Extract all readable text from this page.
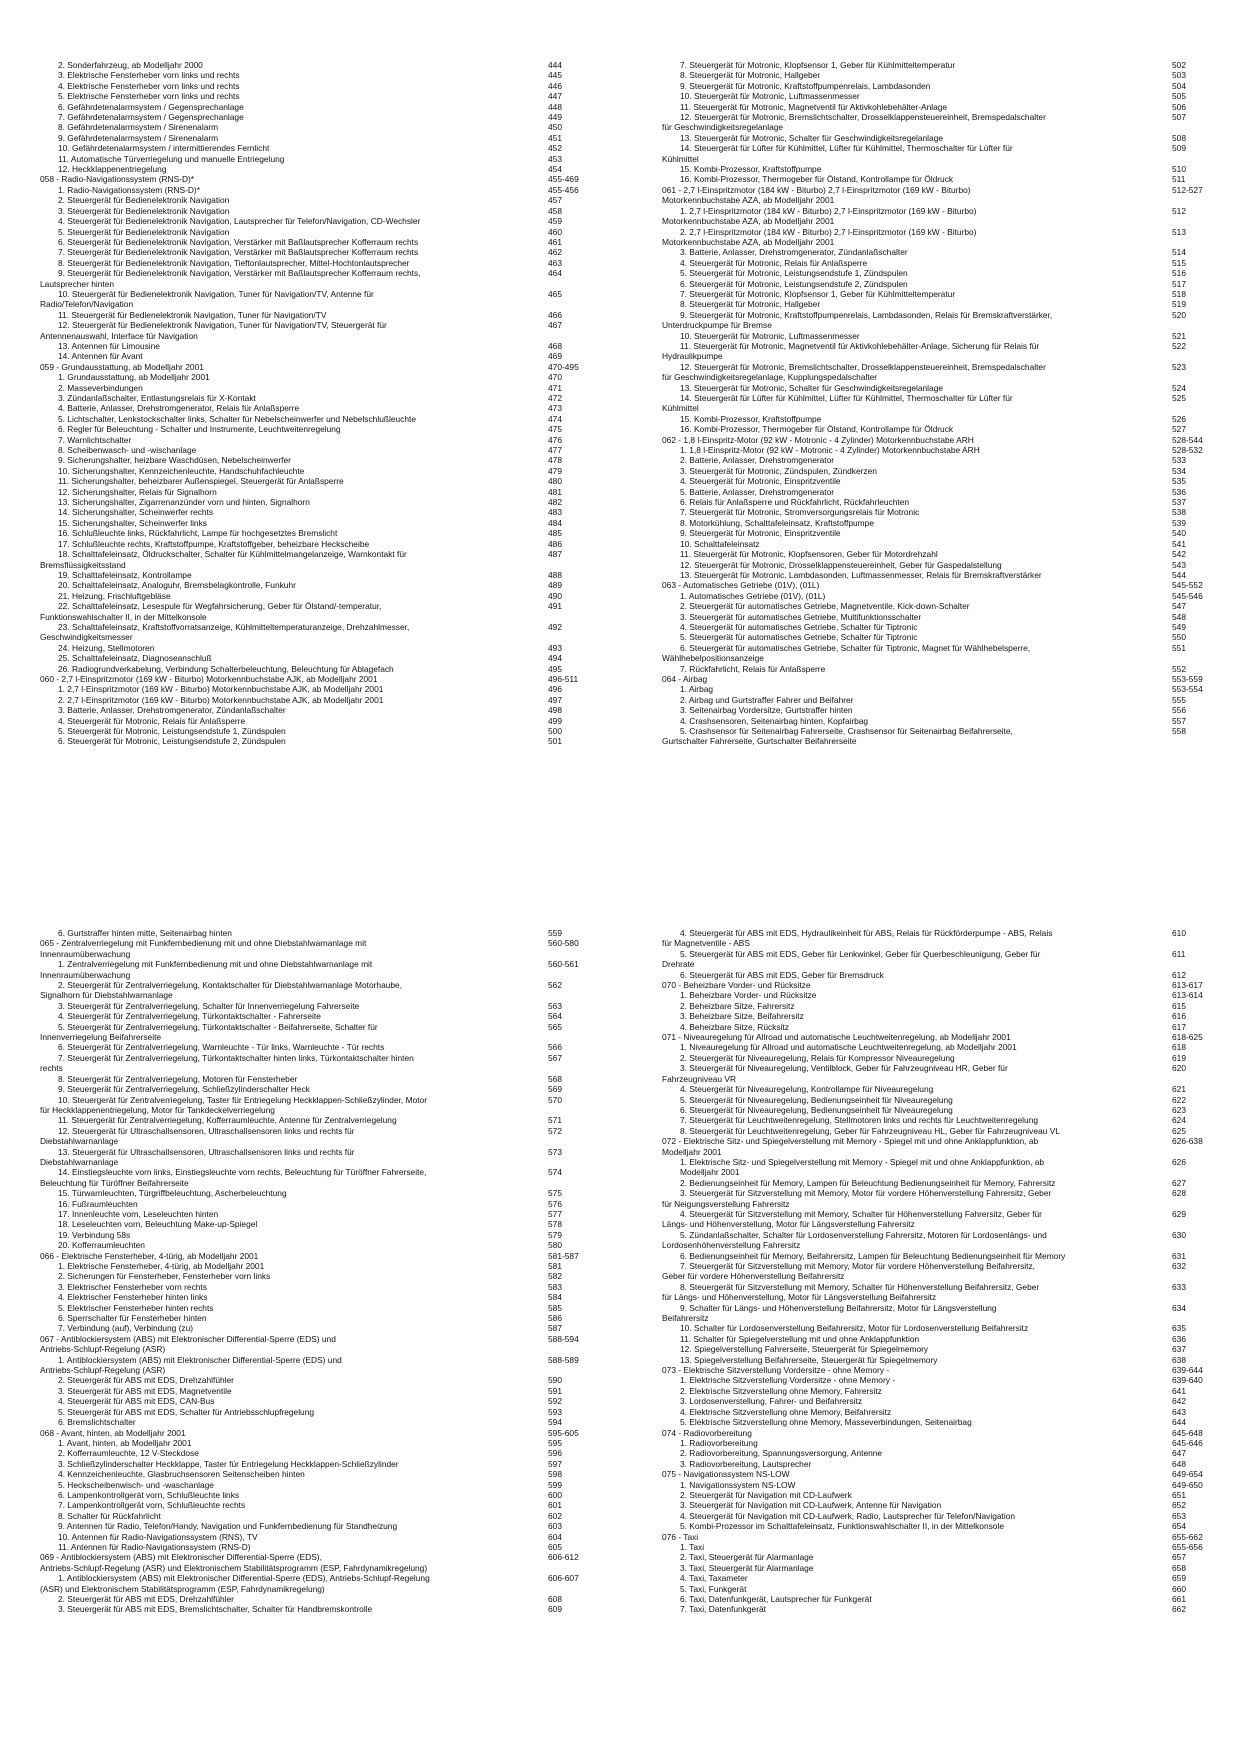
2. Sonderfahrzeug, ab Modelljahr 2000	444
3. Elektrische Fensterheber vorn links und rechts	445
4. Elektrische Fensterheber vorn links und rechts	446
5. Elektrische Fensterheber vorn links und rechts	447
6. Gefährdetenalarmsystem / Gegensprechanlage	448
7. Gefährdetenalarmsystem / Gegensprechanlage	449
8. Gefährdetenalarmsystem / Sirenenalarm	450
9. Gefährdetenalarmsystem / Sirenenalarm	451
10. Gefährdetenalarmsystem / intermittierendes Fernlicht	452
11. Automatische Türverriegelung und manuelle Entriegelung	453
12. Heckklappenentriegelung	454
058 - Radio-Navigationssystem (RNS-D)*	455-469
1. Radio-Navigationssystem (RNS-D)*	455-456
2. Steuergerät für Bedienelektronik Navigation	457
3. Steuergerät für Bedienelektronik Navigation	458
4. Steuergerät für Bedienelektronik Navigation, Lautsprecher für Telefon/Navigation, CD-Wechsler	459
5. Steuergerät für Bedienelektronik Navigation	460
6. Steuergerät für Bedienelektronik Navigation, Verstärker mit Baßlautsprecher Kofferraum rechts	461
7. Steuergerät für Bedienelektronik Navigation, Verstärker mit Baßlautsprecher Kofferraum rechts	462
8. Steuergerät für Bedienelektronik Navigation, Tieftonlautsprecher, Mittel-Hochtonlautsprecher	463
9. Steuergerät für Bedienelektronik Navigation, Verstärker mit Baßlautsprecher Kofferraum rechts,	464
Lautsprecher hinten
10. Steuergerät für Bedienelektronik Navigation, Tuner für Navigation/TV, Antenne für	465
Radio/Telefon/Navigation
11. Steuergerät für Bedienelektronik Navigation, Tuner für Navigation/TV	466
12. Steuergerät für Bedienelektronik Navigation, Tuner für Navigation/TV, Steuergerät für	467
Antennenauswahl, Interface für Navigation
13. Antennen für Limousine	468
14. Antennen für Avant	469
059 - Grundausstattung, ab Modelljahr 2001	470-495
1. Grundausstattung, ab Modelljahr 2001	470
2. Masseverbindungen	471
3. Zündanlaßschalter, Entlastungsrelais für X-Kontakt	472
4. Batterie, Anlasser, Drehstromgenerator, Relais für Anlaßsperre	473
5. Lichtschalter, Lenkstockschalter links, Schalter für Nebelscheinwerfer und Nebelschlußleuchte	474
6. Regler für Beleuchtung - Schalter und Instrumente, Leuchtweitenregelung	475
7. Warnlichtschalter	476
8. Scheibenwasch- und -wischanlage	477
9. Sicherungshalter, heizbare Waschdüsen, Nebelscheinwerfer	478
10. Sicherungshalter, Kennzeichenleuchte, Handschuhfachleuchte	479
11. Sicherungshalter, beheizbarer Außenspiegel, Steuergerät für Anlaßsperre	480
12. Sicherungshalter, Relais für Signalhorn	481
13. Sicherungshalter, Zigarrenanzünder vorn und hinten, Signalhorn	482
14. Sicherungshalter, Scheinwerfer rechts	483
15. Sicherungshalter, Scheinwerfer links	484
16. Schlußleuchte links, Rückfahrlicht, Lampe für hochgesetztes Bremslicht	485
17. Schlußleuchte rechts, Kraftstoffpumpe, Kraftstoffgeber, beheizbare Heckscheibe	486
18. Schalttafeleinsatz, Öldruckschalter, Schalter für Kühlmittelmangelanzeige, Warnkontakt für	487
Bremsflüssigkeitsstand
19. Schalttafeleinsatz, Kontrollampe	488
20. Schalttafeleinsatz, Analoguhr, Bremsbelagkontrolle, Funkuhr	489
21. Heizung, Frischluftgebläse	490
22. Schalttafeleinsatz, Lesespule für Wegfahrsicherung, Geber für Ölstand/-temperatur,	491
Funktionswahlschalter II, in der Mittelkonsole
23. Schalttafeleinsatz, Kraftstoffvorratsanzeige, Kühlmitteltemperaturanzeige, Drehzahlmesser,	492
Geschwindigkeitsmesser
24. Heizung, Stellmotoren	493
25. Schalttafeleinsatz, Diagnoseanschluß	494
26. Radiogrundverkabelung, Verbindung Schalterbeleuchtung, Beleuchtung für Ablagefach	495
060 - 2,7 l-Einspritzmotor (169 kW - Biturbo) Motorkennbuchstabe AJK, ab Modelljahr 2001	496-511
1. 2,7 l-Einspritzmotor (169 kW - Biturbo) Motorkennbuchstabe AJK, ab Modelljahr 2001	496
2. 2,7 l-Einspritzmotor (169 kW - Biturbo) Motorkennbuchstabe AJK, ab Modelljahr 2001	497
3. Batterie, Anlasser, Drehstromgenerator, Zündanlaßschalter	498
4. Steuergerät für Motronic, Relais für Anlaßsperre	499
5. Steuergerät für Motronic, Leistungsendstufe 1, Zündspulen	500
6. Steuergerät für Motronic, Leistungsendstufe 2, Zündspulen	501
7. Steuergerät für Motronic, Klopfsensor 1, Geber für Kühlmitteltemperatur	502
8. Steuergerät für Motronic, Hallgeber	503
9. Steuergerät für Motronic, Kraftstoffpumpenrelais, Lambdasonden	504
10. Steuergerät für Motronic, Luftmassenmesser	505
11. Steuergerät für Motronic, Magnetventil für Aktivkohlebehälter-Anlage	506
12. Steuergerät für Motronic, Bremslichtschalter, Drosselklappensteuereinheit, Bremspedalschalter	507
für Geschwindigkeitsregelanlage
13. Steuergerät für Motronic, Schalter für Geschwindigkeitsregelanlage	508
14. Steuergerät für Lüfter für Kühlmittel, Lüfter für Kühlmittel, Thermoschalter für Lüfter für	509
Kühlmittel
15. Kombi-Prozessor, Kraftstoffpumpe	510
16. Kombi-Prozessor, Thermogeber für Ölstand, Kontrollampe für Öldruck	511
061 - 2,7 l-Einspritzmotor (184 kW - Biturbo) 2,7 l-Einspritzmotor (169 kW - Biturbo)	512-527
Motorkennbuchstabe AZA, ab Modelljahr 2001
1. 2,7 l-Einspritzmotor (184 kW - Biturbo) 2,7 l-Einspritzmotor (169 kW - Biturbo)	512
Motorkennbuchstabe AZA, ab Modelljahr 2001
2. 2,7 l-Einspritzmotor (184 kW - Biturbo) 2,7 l-Einspritzmotor (169 kW - Biturbo)	513
Motorkennbuchstabe AZA, ab Modelljahr 2001
3. Batterie, Anlasser, Drehstromgenerator, Zündanlaßschalter	514
4. Steuergerät für Motronic, Relais für Anlaßsperre	515
5. Steuergerät für Motronic, Leistungsendstufe 1, Zündspulen	516
6. Steuergerät für Motronic, Leistungsendstufe 2, Zündspulen	517
7. Steuergerät für Motronic, Klopfsensor 1, Geber für Kühlmitteltemperatur	518
8. Steuergerät für Motronic, Hallgeber	519
9. Steuergerät für Motronic, Kraftstoffpumpenrelais, Lambdasonden, Relais für Bremskraftverstärker,	520
Unterdruckpumpe für Bremse
10. Steuergerät für Motronic, Luftmassenmesser	521
11. Steuergerät für Motronic, Magnetventil für Aktivkohlebehälter-Anlage, Sicherung für Relais für	522
Hydraulikpumpe
12. Steuergerät für Motronic, Bremslichtschalter, Drosselklappensteuereinheit, Bremspedalschalter	523
für Geschwindigkeitsregelanlage, Kupplungspedalschalter
13. Steuergerät für Motronic, Schalter für Geschwindigkeitsregelanlage	524
14. Steuergerät für Lüfter für Kühlmittel, Lüfter für Kühlmittel, Thermoschalter für Lüfter für	525
Kühlmittel
15. Kombi-Prozessor, Kraftstoffpumpe	526
16. Kombi-Prozessor, Thermogeber für Ölstand, Kontrollampe für Öldruck	527
062 - 1,8 l-Einspritz-Motor (92 kW - Motronic - 4 Zylinder) Motorkennbuchstabe ARH	528-544
1. 1,8 l-Einspritz-Motor (92 kW - Motronic - 4 Zylinder) Motorkennbuchstabe ARH	528-532
2. Batterie, Anlasser, Drehstromgenerator	533
3. Steuergerät für Motronic, Zündspulen, Zündkerzen	534
4. Steuergerät für Motronic, Einspritzventile	535
5. Batterie, Anlasser, Drehstromgenerator	536
6. Relais für Anlaßsperre und Rückfahrlicht, Rückfahrleuchten	537
7. Steuergerät für Motronic, Stromversorgungsrelais für Motronic	538
8. Motorkühlung, Schalttafeleinsatz, Kraftstoffpumpe	539
9. Steuergerät für Motronic, Einspritzventile	540
10. Schalttafeleinsatz	541
11. Steuergerät für Motronic, Klopfsensoren, Geber für Motordrehzahl	542
12. Steuergerät für Motronic, Drosselklappensteuereinheit, Geber für Gaspedalstellung	543
13. Steuergerät für Motronic, Lambdasonden, Luftmassenmesser, Relais für Bremskraftverstärker	544
063 - Automatisches Getriebe (01V), (01L)	545-552
1. Automatisches Getriebe (01V), (01L)	545-546
2. Steuergerät für automatisches Getriebe, Magnetventile, Kick-down-Schalter	547
3. Steuergerät für automatisches Getriebe, Multifunktionsschalter	548
4. Steuergerät für automatisches Getriebe, Schalter für Tiptronic	549
5. Steuergerät für automatisches Getriebe, Schalter für Tiptronic	550
6. Steuergerät für automatisches Getriebe, Schalter für Tiptronic, Magnet für Wählhebelsperre,	551
Wählhebelpositionsanzeige
7. Rückfahrlicht, Relais für Anlaßsperre	552
064 - Airbag	553-559
1. Airbag	553-554
2. Airbag und Gurtstraffer Fahrer und Beifahrer	555
3. Seitenairbag Vordersitze, Gurtstraffer hinten	556
4. Crashsensoren, Seitenairbag hinten, Kopfairbag	557
5. Crashsensor für Seitenairbag Fahrerseite, Crashsensor für Seitenairbag Beifahrerseite,	558
Gurtschalter Fahrerseite, Gurtschalter Beifahrerseite
6. Gurtstraffer hinten mitte, Seitenairbag hinten	559
065 - Zentralverriegelung mit Funkfernbedienung mit und ohne Diebstahlwarnanlage mit	560-580
Innenraumüberwachung
1. Zentralverriegelung mit Funkfernbedienung mit und ohne Diebstahlwarnanlage mit	560-561
Innenraumüberwachung
2. Steuergerät für Zentralverriegelung, Kontaktschalter für Diebstahlwarnanlage Motorhaube,	562
Signalhorn für Diebstahlwarnanlage
3. Steuergerät für Zentralverriegelung, Schalter für Innenverriegelung Fahrerseite	563
4. Steuergerät für Zentralverriegelung, Türkontaktschalter - Fahrerseite	564
5. Steuergerät für Zentralverriegelung, Türkontaktschalter - Beifahrerseite, Schalter für	565
Innenverriegelung Beifahrerseite
6. Steuergerät für Zentralverriegelung, Warnleuchte - Tür links, Warnleuchte - Tür rechts	566
7. Steuergerät für Zentralverriegelung, Türkontaktschalter hinten links, Türkontaktschalter hinten	567
rechts
8. Steuergerät für Zentralverriegelung, Motoren für Fensterheber	568
9. Steuergerät für Zentralverriegelung, Schließzylinderschalter Heck	569
10. Steuergerät für Zentralverriegelung, Taster für Entriegelung Heckklappen-Schließzylinder, Motor	570
für Heckklappenentriegelung, Motor für Tankdeckelverriegelung
11. Steuergerät für Zentralverriegelung, Kofferraumleuchte, Antenne für Zentralverriegelung	571
12. Steuergerät für Ultraschallsensoren, Ultraschallsensoren links und rechts für	572
Diebstahlwarnanlage
13. Steuergerät für Ultraschallsensoren, Ultraschallsensoren links und rechts für	573
Diebstahlwarnanlage
14. Einstiegsleuchte vorn links, Einstiegsleuchte vorn rechts, Beleuchtung für Türöffner Fahrerseite,	574
Beleuchtung für Türöffner Beifahrerseite
15. Türwarnleuchten, Türgriffbeleuchtung, Ascherbeleuchtung	575
16. Fußraumleuchten	576
17. Innenleuchte vorn, Leseleuchten hinten	577
18. Leseleuchten vorn, Beleuchtung Make-up-Spiegel	578
19. Verbindung 58s	579
20. Kofferraumleuchten	580
066 - Elektrische Fensterheber, 4-türig, ab Modelljahr 2001	581-587
1. Elektrische Fensterheber, 4-türig, ab Modelljahr 2001	581
2. Sicherungen für Fensterheber, Fensterheber vorn links	582
3. Elektrischer Fensterheber vorn rechts	583
4. Elektrischer Fensterheber hinten links	584
5. Elektrischer Fensterheber hinten rechts	585
6. Sperrschalter für Fensterheber hinten	586
7. Verbindung (auf), Verbindung (zu)	587
067 - Antiblockiersystem (ABS) mit Elektronischer Differential-Sperre (EDS) und	588-594
Antriebs-Schlupf-Regelung (ASR)
1. Antiblockiersystem (ABS) mit Elektronischer Differential-Sperre (EDS) und	588-589
Antriebs-Schlupf-Regelung (ASR)
2. Steuergerät für ABS mit EDS, Drehzahlfühler	590
3. Steuergerät für ABS mit EDS, Magnetventile	591
4. Steuergerät für ABS mit EDS, CAN-Bus	592
5. Steuergerät für ABS mit EDS, Schalter für Antriebsschlupfregelung	593
6. Bremslichtschalter	594
068 - Avant, hinten, ab Modelljahr 2001	595-605
1. Avant, hinten, ab Modelljahr 2001	595
2. Kofferraumleuchte, 12 V-Steckdose	596
3. Schließzylinderschalter Heckklappe, Taster für Entriegelung Heckklappen-Schließzylinder	597
4. Kennzeichenleuchte, Glasbruchsensoren Seitenscheiben hinten	598
5. Heckscheibenwisch- und -waschanlage	599
6. Lampenkontrollgerät vorn, Schlußleuchte links	600
7. Lampenkontrollgerät vorn, Schlußleuchte rechts	601
8. Schalter für Rückfahrlicht	602
9. Antennen für Radio, Telefon/Handy, Navigation und Funkfernbedienung für Standheizung	603
10. Antennen für Radio-Navigationssystem (RNS), TV	604
11. Antennen für Radio-Navigationssystem (RNS-D)	605
069 - Antiblockiersystem (ABS) mit Elektronischer Differential-Sperre (EDS),	606-612
Antriebs-Schlupf-Regelung (ASR) und Elektronischem Stabilitätsprogramm (ESP, Fahrdynamikregelung)
1. Antiblockiersystem (ABS) mit Elektronischer Differential-Sperre (EDS), Antriebs-Schlupf-Regelung	606-607
(ASR) und Elektronischem Stabilitätsprogramm (ESP, Fahrdynamikregelung)
2. Steuergerät für ABS mit EDS, Drehzahlfühler	608
3. Steuergerät für ABS mit EDS, Bremslichtschalter, Schalter für Handbremskontrolle	609
4. Steuergerät für ABS mit EDS, Hydraulikeinheit für ABS, Relais für Rückförderpumpe - ABS, Relais	610
für Magnetventile - ABS
5. Steuergerät für ABS mit EDS, Geber für Lenkwinkel, Geber für Querbeschleunigung, Geber für	611
Drehrate
6. Steuergerät für ABS mit EDS, Geber für Bremsdruck	612
070 - Beheizbare Vorder- und Rücksitze	613-617
1. Beheizbare Vorder- und Rücksitze	613-614
2. Beheizbare Sitze, Fahrersitz	615
3. Beheizbare Sitze, Beifahrersitz	616
4. Beheizbare Sitze, Rücksitz	617
071 - Niveauregelung für Allroad und automatische Leuchtweitenregelung, ab Modelljahr 2001	618-625
1. Niveauregelung für Allroad und automatische Leuchtweitenregelung, ab Modelljahr 2001	618
2. Steuergerät für Niveauregelung, Relais für Kompressor Niveauregelung	619
3. Steuergerät für Niveauregelung, Ventilblock, Geber für Fahrzeugniveau HR, Geber für	620
Fahrzeugniveau VR
4. Steuergerät für Niveauregelung, Kontrollampe für Niveauregelung	621
5. Steuergerät für Niveauregelung, Bedienungseinheit für Niveauregelung	622
6. Steuergerät für Niveauregelung, Bedienungseinheit für Niveauregelung	623
7. Steuergerät für Leuchtweitenregelung, Stellmotoren links und rechts für Leuchtweitenregelung	624
8. Steuergerät für Leuchtweitenregelung, Geber für Fahrzeugniveau HL, Geber für Fahrzeugniveau VL	625
072 - Elektrische Sitz- und Spiegelverstellung mit Memory - Spiegel mit und ohne Anklappfunktion, ab	626-638
Modelljahr 2001
1. Elektrische Sitz- und Spiegelverstellung mit Memory - Spiegel mit und ohne Anklappfunktion, ab	626
Modelljahr 2001
2. Bedienungseinheit für Memory, Lampen für Beleuchtung Bedienungseinheit für Memory, Fahrersitz	627
3. Steuergerät für Sitzverstellung mit Memory, Motor für vordere Höhenverstellung Fahrersitz, Geber	628
für Neigungsverstellung Fahrersitz
4. Steuergerät für Sitzverstellung mit Memory, Schalter für Höhenverstellung Fahrersitz, Geber für	629
Längs- und Höhenverstellung, Motor für Längsverstellung Fahrersitz
5. Zündanlaßschalter, Schalter für Lordosenverstellung Fahrersitz, Motoren für Lordosenlängs- und	630
Lordosenhöhenverstellung Fahrersitz
6. Bedienungseinheit für Memory, Beifahrersitz, Lampen für Beleuchtung Bedienungseinheit für Memory	631
7. Steuergerät für Sitzverstellung mit Memory, Motor für vordere Höhenverstellung Beifahrersitz,	632
Geber für vordere Höhenverstellung Beifahrersitz
8. Steuergerät für Sitzverstellung mit Memory, Schalter für Höhenverstellung Beifahrersitz, Geber	633
für Längs- und Höhenverstellung, Motor für Längsverstellung Beifahrersitz
9. Schalter für Längs- und Höhenverstellung Beifahrersitz, Motor für Längsverstellung	634
Beifahrersitz
10. Schalter für Lordosenverstellung Beifahrersitz, Motor für Lordosenverstellung Beifahrersitz	635
11. Schalter für Spiegelverstellung mit und ohne Anklappfunktion	636
12. Spiegelverstellung Fahrerseite, Steuergerät für Spiegelmemory	637
13. Spiegelverstellung Beifahrerseite, Steuergerät für Spiegelmemory	638
073 - Elektrische Sitzverstellung Vordersitze - ohne Memory -	639-644
1. Elektrische Sitzverstellung Vordersitze - ohne Memory -	639-640
2. Elektrische Sitzverstellung ohne Memory, Fahrersitz	641
3. Lordosenverstellung, Fahrer- und Beifahrersitz	642
4. Elektrische Sitzverstellung ohne Memory, Beifahrersitz	643
5. Elektrische Sitzverstellung ohne Memory, Masseverbindungen, Seitenairbag	644
074 - Radiovorbereitung	645-648
1. Radiovorbereitung	645-646
2. Radiovorbereitung, Spannungsversorgung, Antenne	647
3. Radiovorbereitung, Lautsprecher	648
075 - Navigationssystem NS-LOW	649-654
1. Navigationssystem NS-LOW	649-650
2. Steuergerät für Navigation mit CD-Laufwerk	651
3. Steuergerät für Navigation mit CD-Laufwerk, Antenne für Navigation	652
4. Steuergerät für Navigation mit CD-Laufwerk, Radio, Lautsprecher für Telefon/Navigation	653
5. Kombi-Prozessor im Schalttafeleinsatz, Funktionswahlschalter II, in der Mittelkonsole	654
076 - Taxi	655-662
1. Taxi	655-656
2. Taxi, Steuergerät für Alarmanlage	657
3. Taxi, Steuergerät für Alarmanlage	658
4. Taxi, Taxameter	659
5. Taxi, Funkgerät	660
6. Taxi, Datenfunkgerät, Lautsprecher für Funkgerät	661
7. Taxi, Datenfunkgerät	662
